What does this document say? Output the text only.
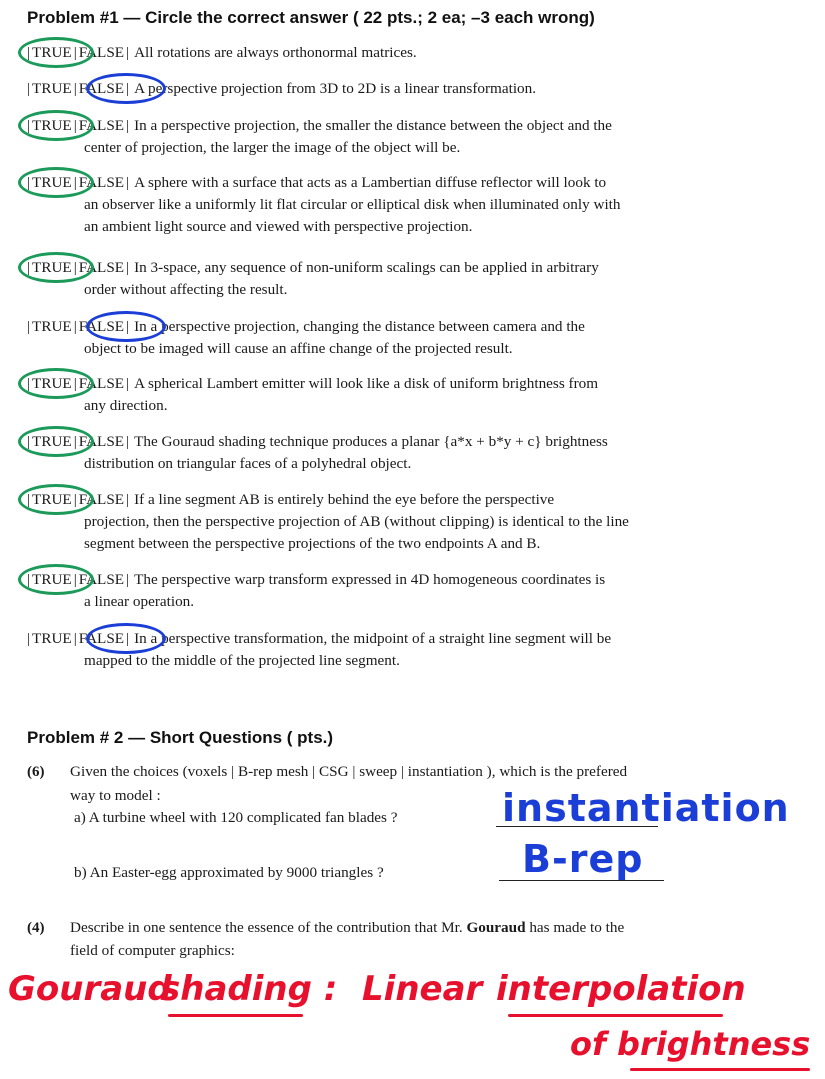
Problem #1 — Circle the correct answer ( 22 pts.; 2 ea; –3 each wrong)
| TRUE | FALSE | All rotations are always orthonormal matrices.
| TRUE | FALSE | A perspective projection from 3D to 2D is a linear transformation.
| TRUE | FALSE | In a perspective projection, the smaller the distance between the object and the
center of projection, the larger the image of the object will be.
| TRUE | FALSE | A sphere with a surface that acts as a Lambertian diffuse reflector will look to
an observer like a uniformly lit flat circular or elliptical disk when illuminated only with
an ambient light source and viewed with perspective projection.
| TRUE | FALSE | In 3-space, any sequence of non-uniform scalings can be applied in arbitrary
order without affecting the result.
| TRUE | FALSE | In a perspective projection, changing the distance between camera and the
object to be imaged will cause an affine change of the projected result.
| TRUE | FALSE | A spherical Lambert emitter will look like a disk of uniform brightness from
any direction.
| TRUE | FALSE | The Gouraud shading technique produces a planar {a*x + b*y + c} brightness
distribution on triangular faces of a polyhedral object.
| TRUE | FALSE | If a line segment AB is entirely behind the eye before the perspective
projection, then the perspective projection of AB (without clipping) is identical to the line
segment between the perspective projections of the two endpoints A and B.
| TRUE | FALSE | The perspective warp transform expressed in 4D homogeneous coordinates is
a linear operation.
| TRUE | FALSE | In a perspective transformation, the midpoint of a straight line segment will be
mapped to the middle of the projected line segment.
Problem # 2 — Short Questions ( pts.)
(6) Given the choices (voxels | B-rep mesh | CSG | sweep | instantiation ), which is the prefered
way to model :
a) A turbine wheel with 120 complicated fan blades ?	instantiation
b) An Easter-egg approximated by 9000 triangles ?	B-rep
(4) Describe in one sentence the essence of the contribution that Mr. Gouraud has made to the
field of computer graphics:
Gouraud
shading : Linear interpolation
of brightness
